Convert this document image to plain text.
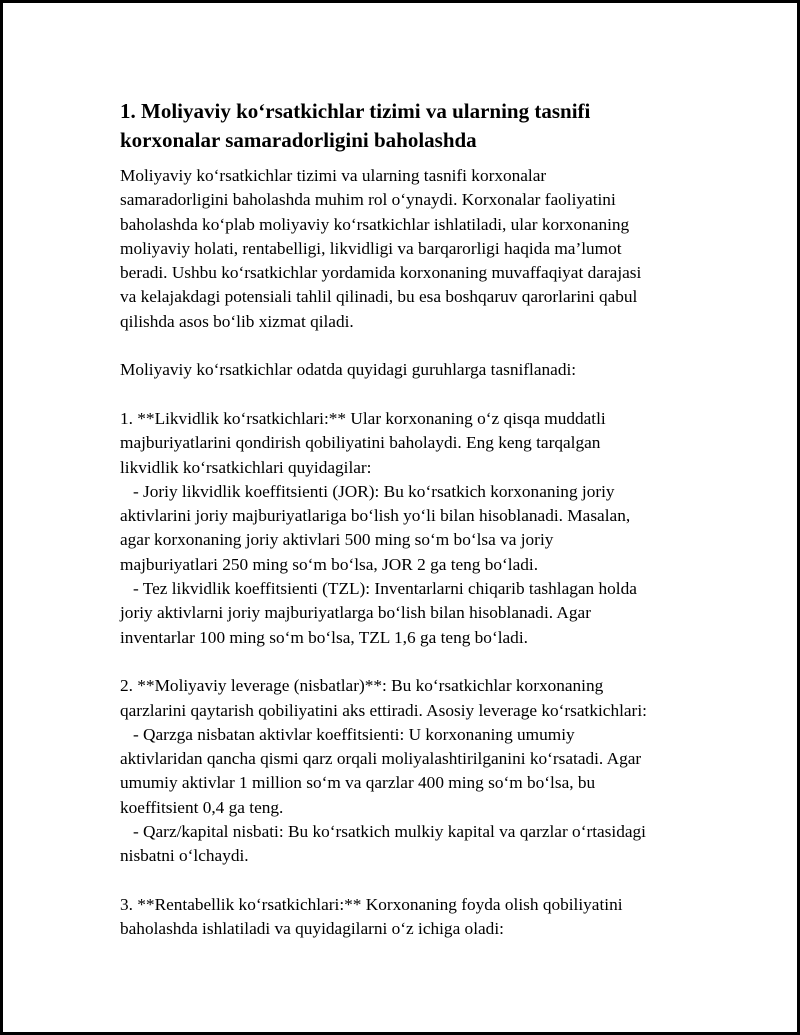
1. Moliyaviy ko‘rsatkichlar tizimi va ularning tasnifi
korxonalar samaradorligini baholashda
Moliyaviy ko‘rsatkichlar tizimi va ularning tasnifi korxonalar
samaradorligini baholashda muhim rol o‘ynaydi. Korxonalar faoliyatini
baholashda ko‘plab moliyaviy ko‘rsatkichlar ishlatiladi, ular korxonaning
moliyaviy holati, rentabelligi, likvidligi va barqarorligi haqida ma’lumot
beradi. Ushbu ko‘rsatkichlar yordamida korxonaning muvaffaqiyat darajasi
va kelajakdagi potensiali tahlil qilinadi, bu esa boshqaruv qarorlarini qabul
qilishda asos bo‘lib xizmat qiladi.
Moliyaviy ko‘rsatkichlar odatda quyidagi guruhlarga tasniflanadi:
1. **Likvidlik ko‘rsatkichlari:** Ular korxonaning o‘z qisqa muddatli
majburiyatlarini qondirish qobiliyatini baholaydi. Eng keng tarqalgan
likvidlik ko‘rsatkichlari quyidagilar:
- Joriy likvidlik koeffitsienti (JOR): Bu ko‘rsatkich korxonaning joriy
aktivlarini joriy majburiyatlariga bo‘lish yo‘li bilan hisoblanadi. Masalan,
agar korxonaning joriy aktivlari 500 ming so‘m bo‘lsa va joriy
majburiyatlari 250 ming so‘m bo‘lsa, JOR 2 ga teng bo‘ladi.
- Tez likvidlik koeffitsienti (TZL): Inventarlarni chiqarib tashlagan holda
joriy aktivlarni joriy majburiyatlarga bo‘lish bilan hisoblanadi. Agar
inventarlar 100 ming so‘m bo‘lsa, TZL 1,6 ga teng bo‘ladi.
2. **Moliyaviy leverage (nisbatlar)**: Bu ko‘rsatkichlar korxonaning
qarzlarini qaytarish qobiliyatini aks ettiradi. Asosiy leverage ko‘rsatkichlari:
- Qarzga nisbatan aktivlar koeffitsienti: U korxonaning umumiy
aktivlaridan qancha qismi qarz orqali moliyalashtirilganini ko‘rsatadi. Agar
umumiy aktivlar 1 million so‘m va qarzlar 400 ming so‘m bo‘lsa, bu
koeffitsient 0,4 ga teng.
- Qarz/kapital nisbati: Bu ko‘rsatkich mulkiy kapital va qarzlar o‘rtasidagi
nisbatni o‘lchaydi.
3. **Rentabellik ko‘rsatkichlari:** Korxonaning foyda olish qobiliyatini
baholashda ishlatiladi va quyidagilarni o‘z ichiga oladi:
